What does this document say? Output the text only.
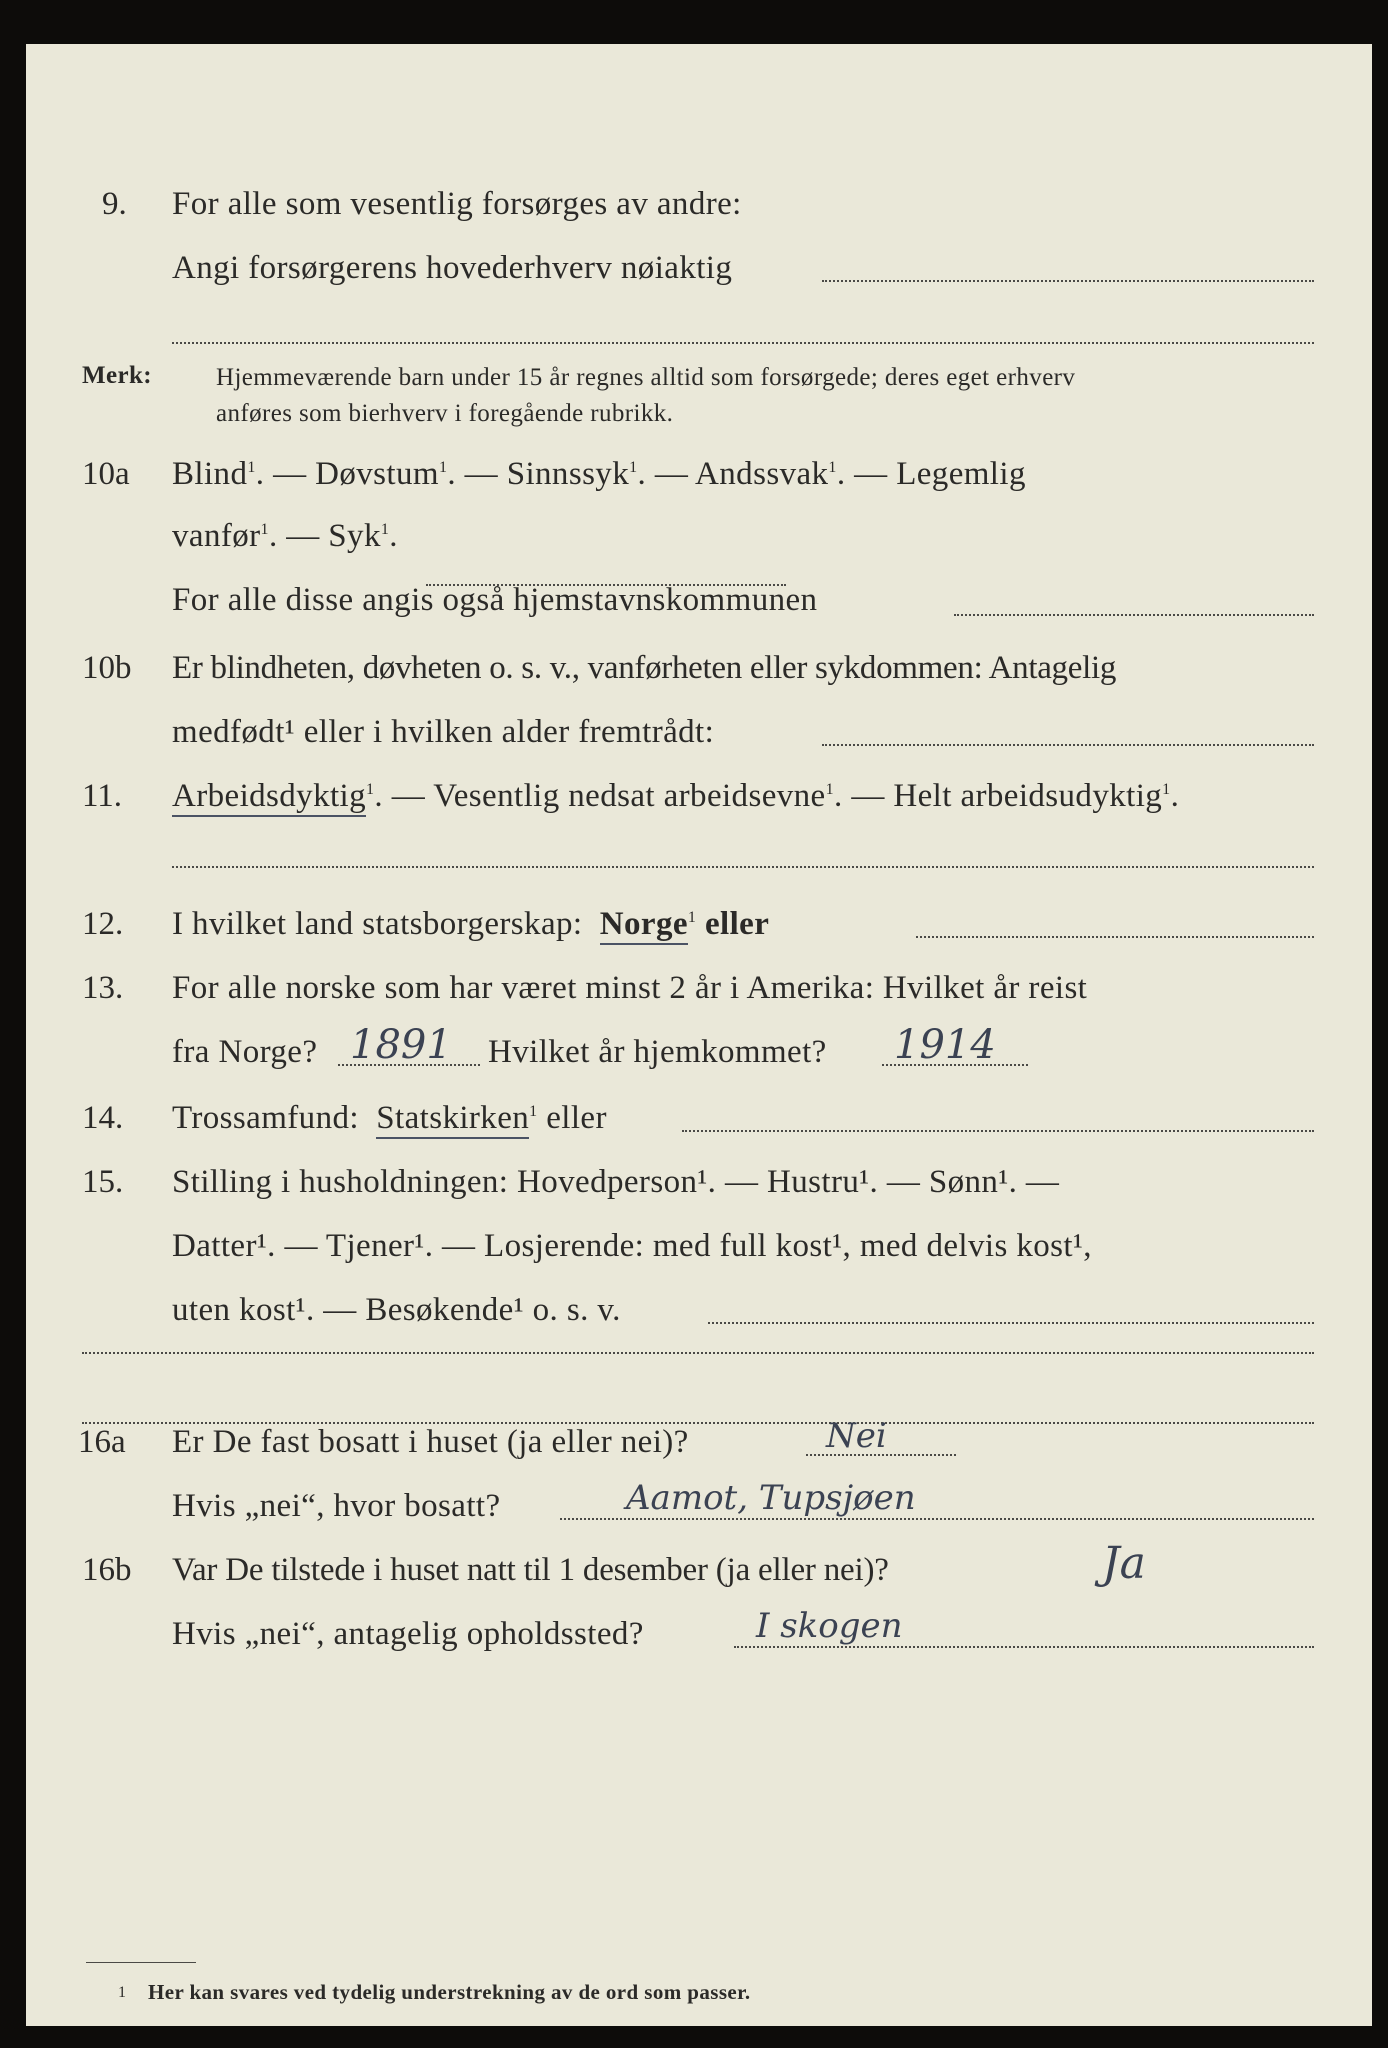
9. For alle som vesentlig forsørges av andre:
Angi forsørgerens hovederhverv nøiaktig
Merk:	Hjemmeværende barn under 15 år regnes alltid som forsørgede; deres eget erhverv
anføres som bierhverv i foregående rubrikk.
10a Blind$^1$. — Døvstum$^1$. — Sinnssyk$^1$. — Andssvak$^1$. — Legemlig
vanfør$^1$. — Syk$^1$.
For alle disse angis også hjemstavnskommunen
10b Er blindheten, døvheten o. s. v., vanførheten eller sykdommen: Antagelig
medfødt¹ eller i hvilken alder fremtrådt:
11. Arbeidsdyktig$^1$. — Vesentlig nedsat arbeidsevne$^1$. — Helt arbeidsudyktig$^1$.
12. I hvilket land statsborgerskap: Norge$^1$ eller
13. For alle norske som har været minst 2 år i Amerika: Hvilket år reist
fra Norge? 1891 Hvilket år hjemkommet? 1914
14. Trossamfund: Statskirken$^1$ eller
15. Stilling i husholdningen: Hovedperson¹. — Hustru¹. — Sønn¹. —
Datter¹. — Tjener¹. — Losjerende: med full kost¹, med delvis kost¹,
uten kost¹. — Besøkende¹ o. s. v.
16a Er De fast bosatt i huset (ja eller nei)?	Nei
Hvis „nei“, hvor bosatt?	Aamot, Tupsjøen
16b Var De tilstede i huset natt til 1 desember (ja eller nei)?	Ja
Hvis „nei“, antagelig opholdssted?	I skogen
1 Her kan svares ved tydelig understrekning av de ord som passer.
